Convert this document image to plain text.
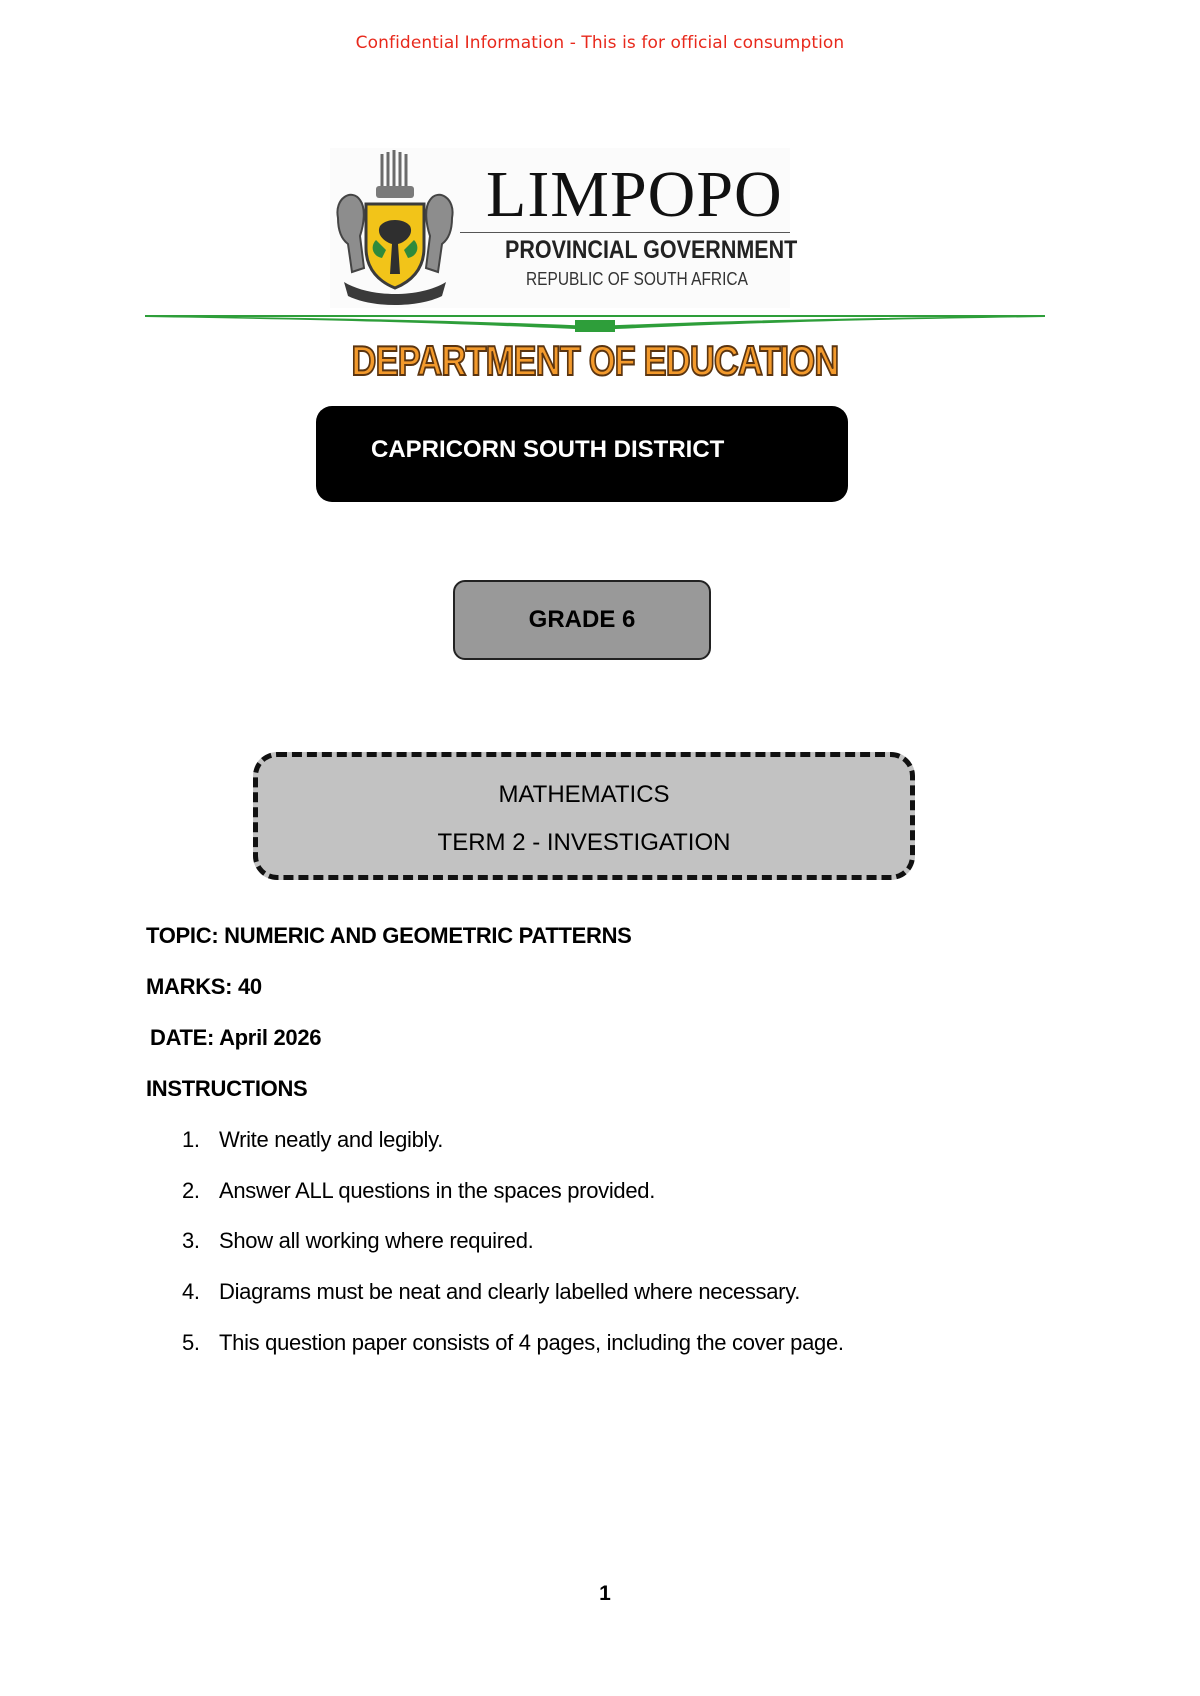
Confidential Information - This is for official consumption
LIMPOPO
PROVINCIAL GOVERNMENT
REPUBLIC OF SOUTH AFRICA
DEPARTMENT OF EDUCATION
CAPRICORN SOUTH DISTRICT
GRADE 6
MATHEMATICS
TERM 2 - INVESTIGATION
TOPIC: NUMERIC AND GEOMETRIC PATTERNS
MARKS: 40
DATE: April 2026
INSTRUCTIONS
1. Write neatly and legibly.
2. Answer ALL questions in the spaces provided.
3. Show all working where required.
4. Diagrams must be neat and clearly labelled where necessary.
5. This question paper consists of 4 pages, including the cover page.
1
